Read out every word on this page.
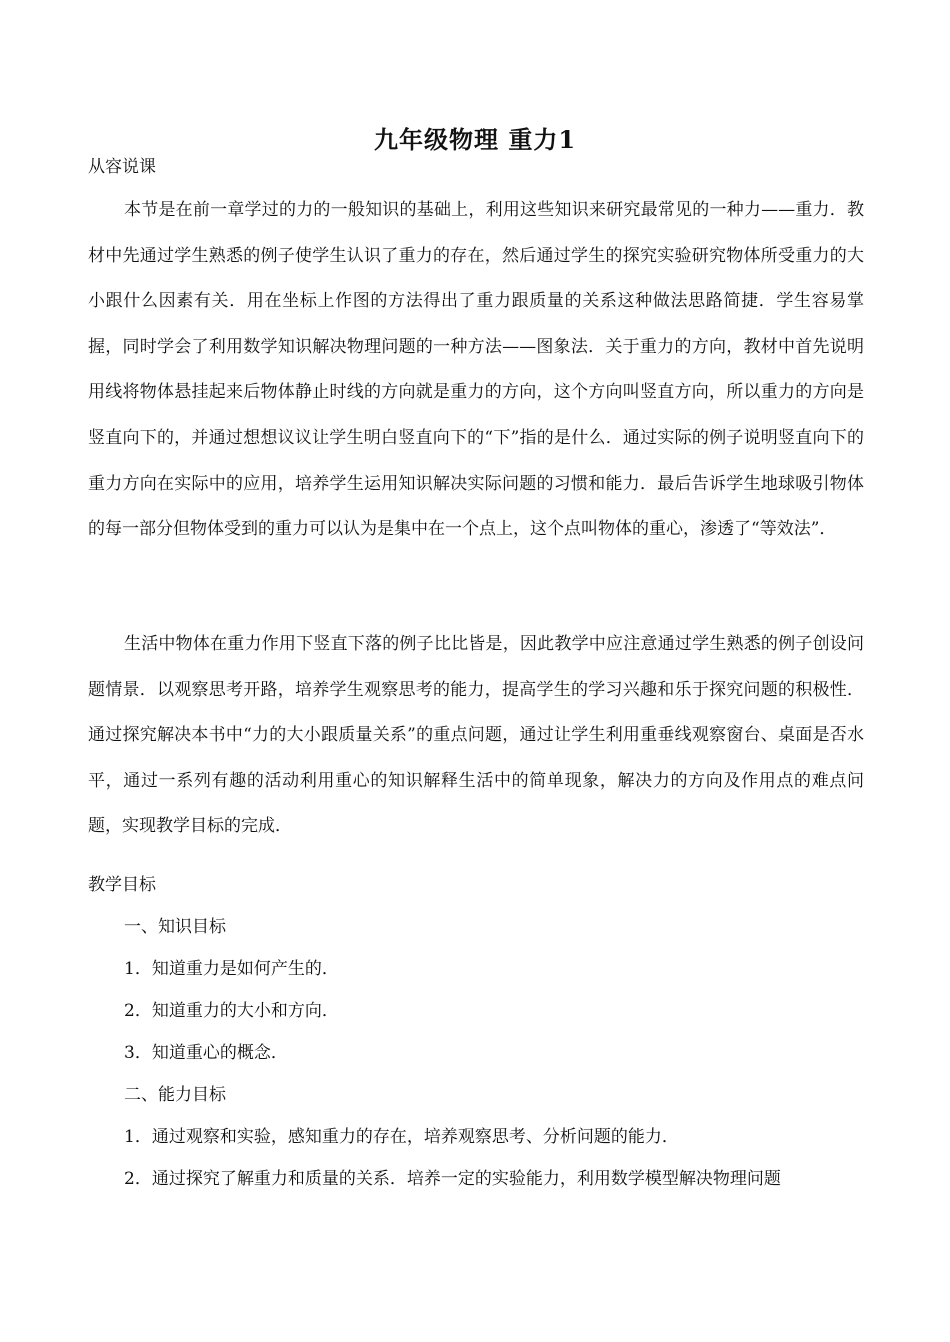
九年级物理 重力1
从容说课

本节是在前一章学过的力的一般知识的基础上，利用这些知识来研究最常见的一种力——重力．教材中先通过学生熟悉的例子使学生认识了重力的存在，然后通过学生的探究实验研究物体所受重力的大小跟什么因素有关．用在坐标上作图的方法得出了重力跟质量的关系这种做法思路简捷．学生容易掌握，同时学会了利用数学知识解决物理问题的一种方法——图象法．关于重力的方向，教材中首先说明用线将物体悬挂起来后物体静止时线的方向就是重力的方向，这个方向叫竖直方向，所以重力的方向是竖直向下的，并通过想想议议让学生明白竖直向下的“下”指的是什么．通过实际的例子说明竖直向下的重力方向在实际中的应用，培养学生运用知识解决实际问题的习惯和能力．最后告诉学生地球吸引物体的每一部分但物体受到的重力可以认为是集中在一个点上，这个点叫物体的重心，渗透了“等效法”．

生活中物体在重力作用下竖直下落的例子比比皆是，因此教学中应注意通过学生熟悉的例子创设问题情景．以观察思考开路，培养学生观察思考的能力，提高学生的学习兴趣和乐于探究问题的积极性．通过探究解决本书中“力的大小跟质量关系”的重点问题，通过让学生利用重垂线观察窗台、桌面是否水平，通过一系列有趣的活动利用重心的知识解释生活中的简单现象，解决力的方向及作用点的难点问题，实现教学目标的完成．

教学目标
一、知识目标
1．知道重力是如何产生的．
2．知道重力的大小和方向．
3．知道重心的概念．
二、能力目标
1．通过观察和实验，感知重力的存在，培养观察思考、分析问题的能力．
2．通过探究了解重力和质量的关系．培养一定的实验能力，利用数学模型解决物理问题
